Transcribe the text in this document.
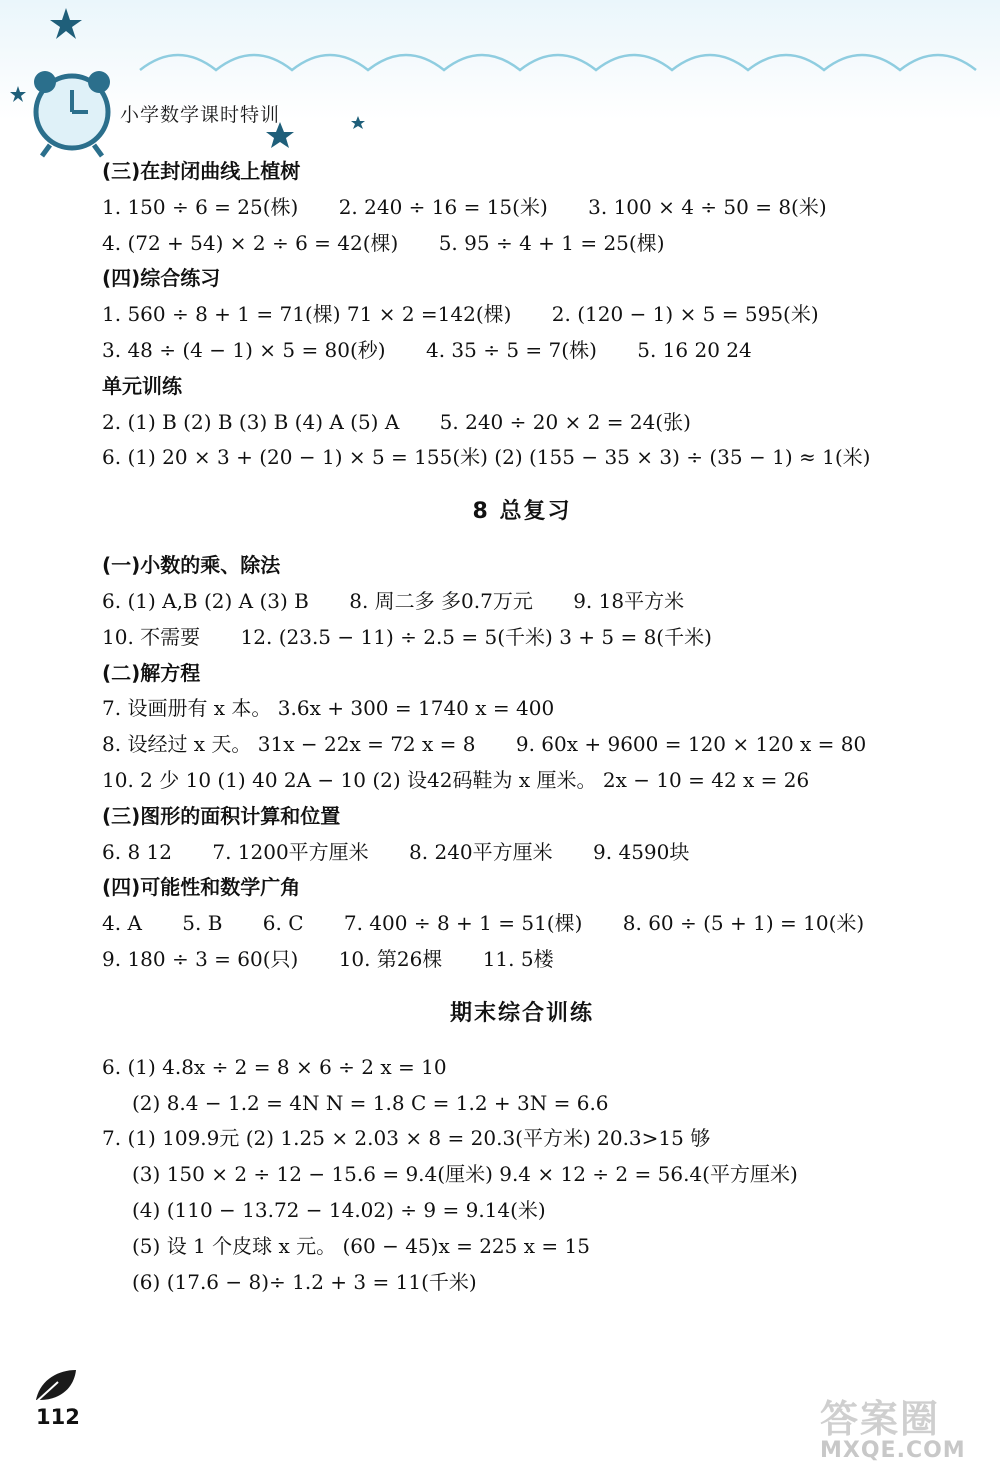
小学数学课时特训
(三)在封闭曲线上植树
1. 150 ÷ 6 = 25(株) 2. 240 ÷ 16 = 15(米) 3. 100 × 4 ÷ 50 = 8(米)
4. (72 + 54) × 2 ÷ 6 = 42(棵) 5. 95 ÷ 4 + 1 = 25(棵)
(四)综合练习
1. 560 ÷ 8 + 1 = 71(棵) 71 × 2 =142(棵) 2. (120 − 1) × 5 = 595(米)
3. 48 ÷ (4 − 1) × 5 = 80(秒) 4. 35 ÷ 5 = 7(株) 5. 16 20 24
单元训练
2. (1) B (2) B (3) B (4) A (5) A 5. 240 ÷ 20 × 2 = 24(张)
6. (1) 20 × 3 + (20 − 1) × 5 = 155(米) (2) (155 − 35 × 3) ÷ (35 − 1) ≈ 1(米)
8 总复习
(一)小数的乘、除法
6. (1) A,B (2) A (3) B 8. 周二多 多0.7万元 9. 18平方米
10. 不需要 12. (23.5 − 11) ÷ 2.5 = 5(千米) 3 + 5 = 8(千米)
(二)解方程
7. 设画册有 x 本。 3.6x + 300 = 1740 x = 400
8. 设经过 x 天。 31x − 22x = 72 x = 8 9. 60x + 9600 = 120 × 120 x = 80
10. 2 少 10 (1) 40 2A − 10 (2) 设42码鞋为 x 厘米。 2x − 10 = 42 x = 26
(三)图形的面积计算和位置
6. 8 12 7. 1200平方厘米 8. 240平方厘米 9. 4590块
(四)可能性和数学广角
4. A 5. B 6. C 7. 400 ÷ 8 + 1 = 51(棵) 8. 60 ÷ (5 + 1) = 10(米)
9. 180 ÷ 3 = 60(只) 10. 第26棵 11. 5楼
期末综合训练
6. (1) 4.8x ÷ 2 = 8 × 6 ÷ 2 x = 10
(2) 8.4 − 1.2 = 4N N = 1.8 C = 1.2 + 3N = 6.6
7. (1) 109.9元 (2) 1.25 × 2.03 × 8 = 20.3(平方米) 20.3>15 够
(3) 150 × 2 ÷ 12 − 15.6 = 9.4(厘米) 9.4 × 12 ÷ 2 = 56.4(平方厘米)
(4) (110 − 13.72 − 14.02) ÷ 9 = 9.14(米)
(5) 设 1 个皮球 x 元。 (60 − 45)x = 225 x = 15
(6) (17.6 − 8)÷ 1.2 + 3 = 11(千米)
112	答案圈
MXQE.COM
